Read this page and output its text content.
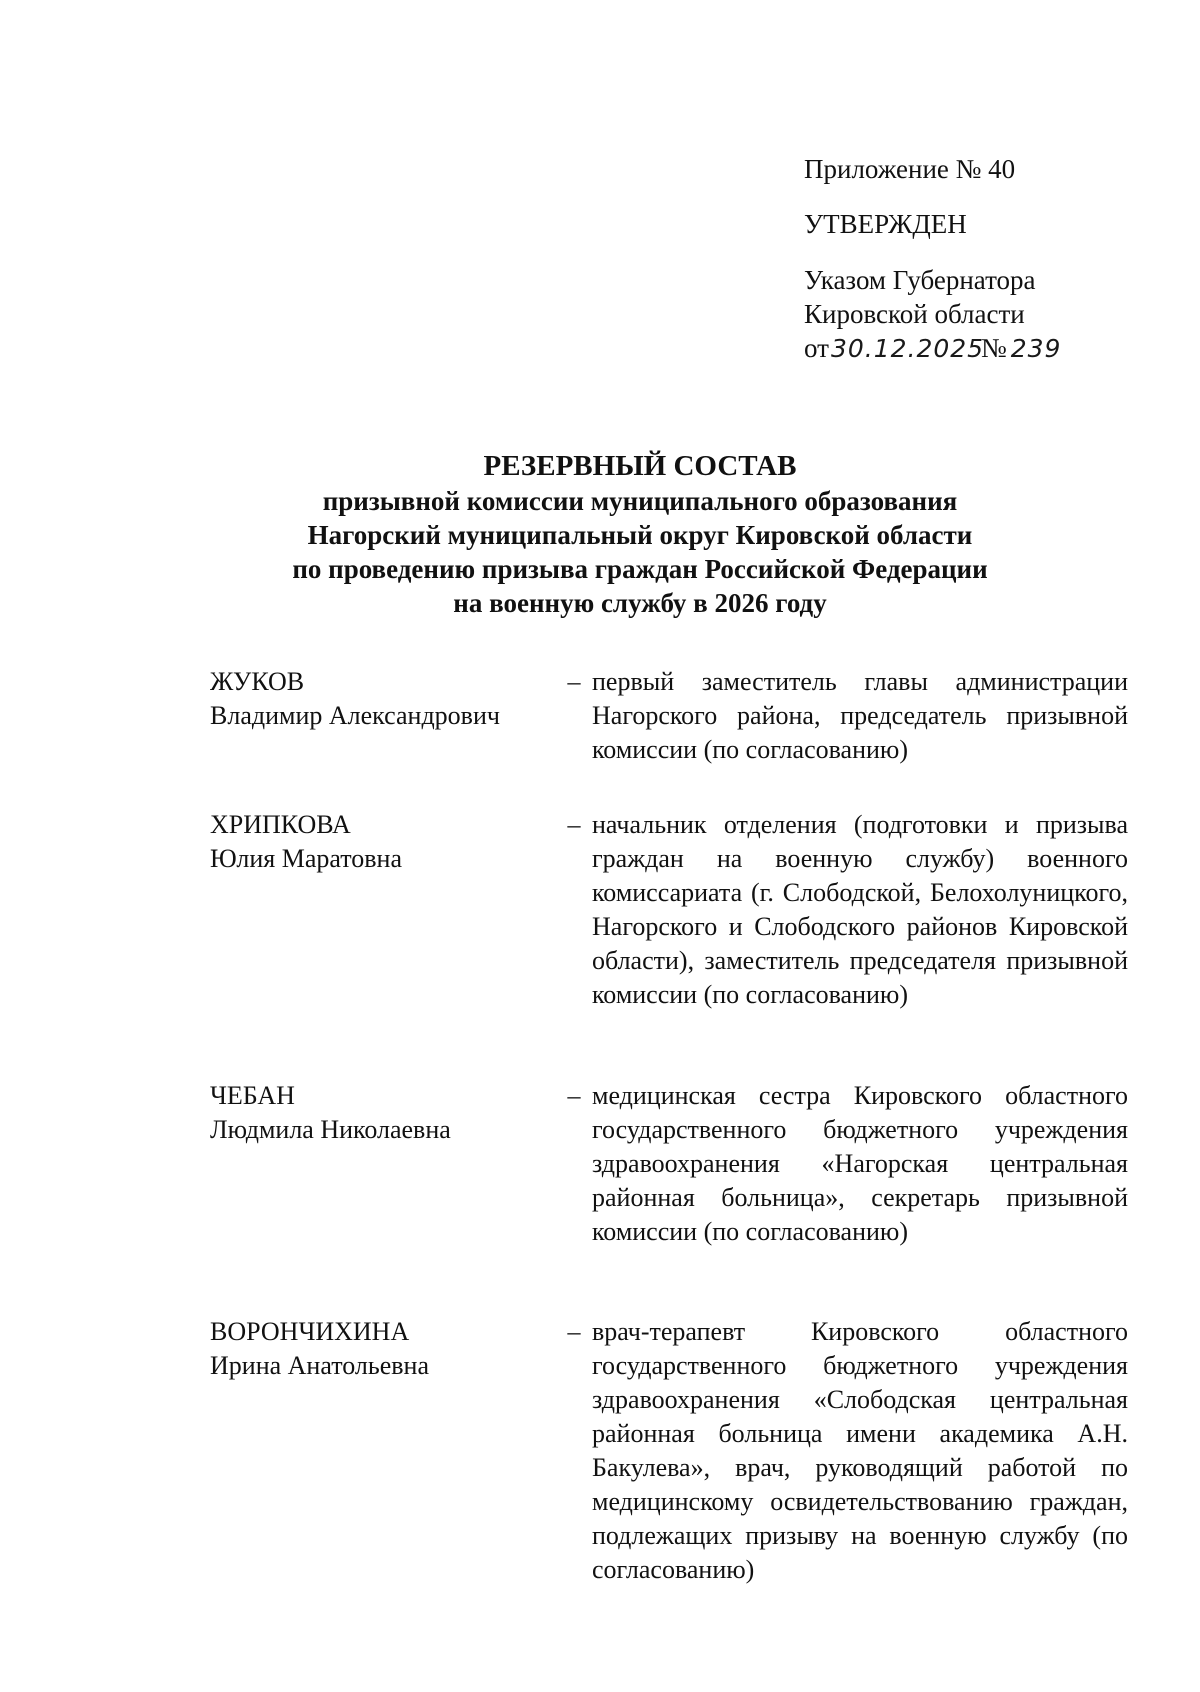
Приложение № 40
УТВЕРЖДЕН
Указом Губернатора
Кировской области
от30.12.2025№ 239
РЕЗЕРВНЫЙ СОСТАВ
призывной комиссии муниципального образования
Нагорский муниципальный округ Кировской области
по проведению призыва граждан Российской Федерации
на военную службу в 2026 году
ЖУКОВ
Владимир Александрович
– первый заместитель главы администрации Нагорского района, председатель призывной комиссии (по согласованию)
ХРИПКОВА
Юлия Маратовна
– начальник отделения (подготовки и призыва граждан на военную службу) военного комиссариата (г. Слободской, Белохолуницкого, Нагорского и Слободского районов Кировской области), заместитель председателя призывной комиссии (по согласованию)
ЧЕБАН
Людмила Николаевна
– медицинская сестра Кировского областного государственного бюджетного учреждения здравоохранения «Нагорская центральная районная больница», секретарь призывной комиссии (по согласованию)
ВОРОНЧИХИНА
Ирина Анатольевна
– врач-терапевт Кировского областного государственного бюджетного учреждения здравоохранения «Слободская центральная районная больница имени академика А.Н. Бакулева», врач, руководящий работой по медицинскому освидетельствованию граждан, подлежащих призыву на военную службу (по согласованию)
